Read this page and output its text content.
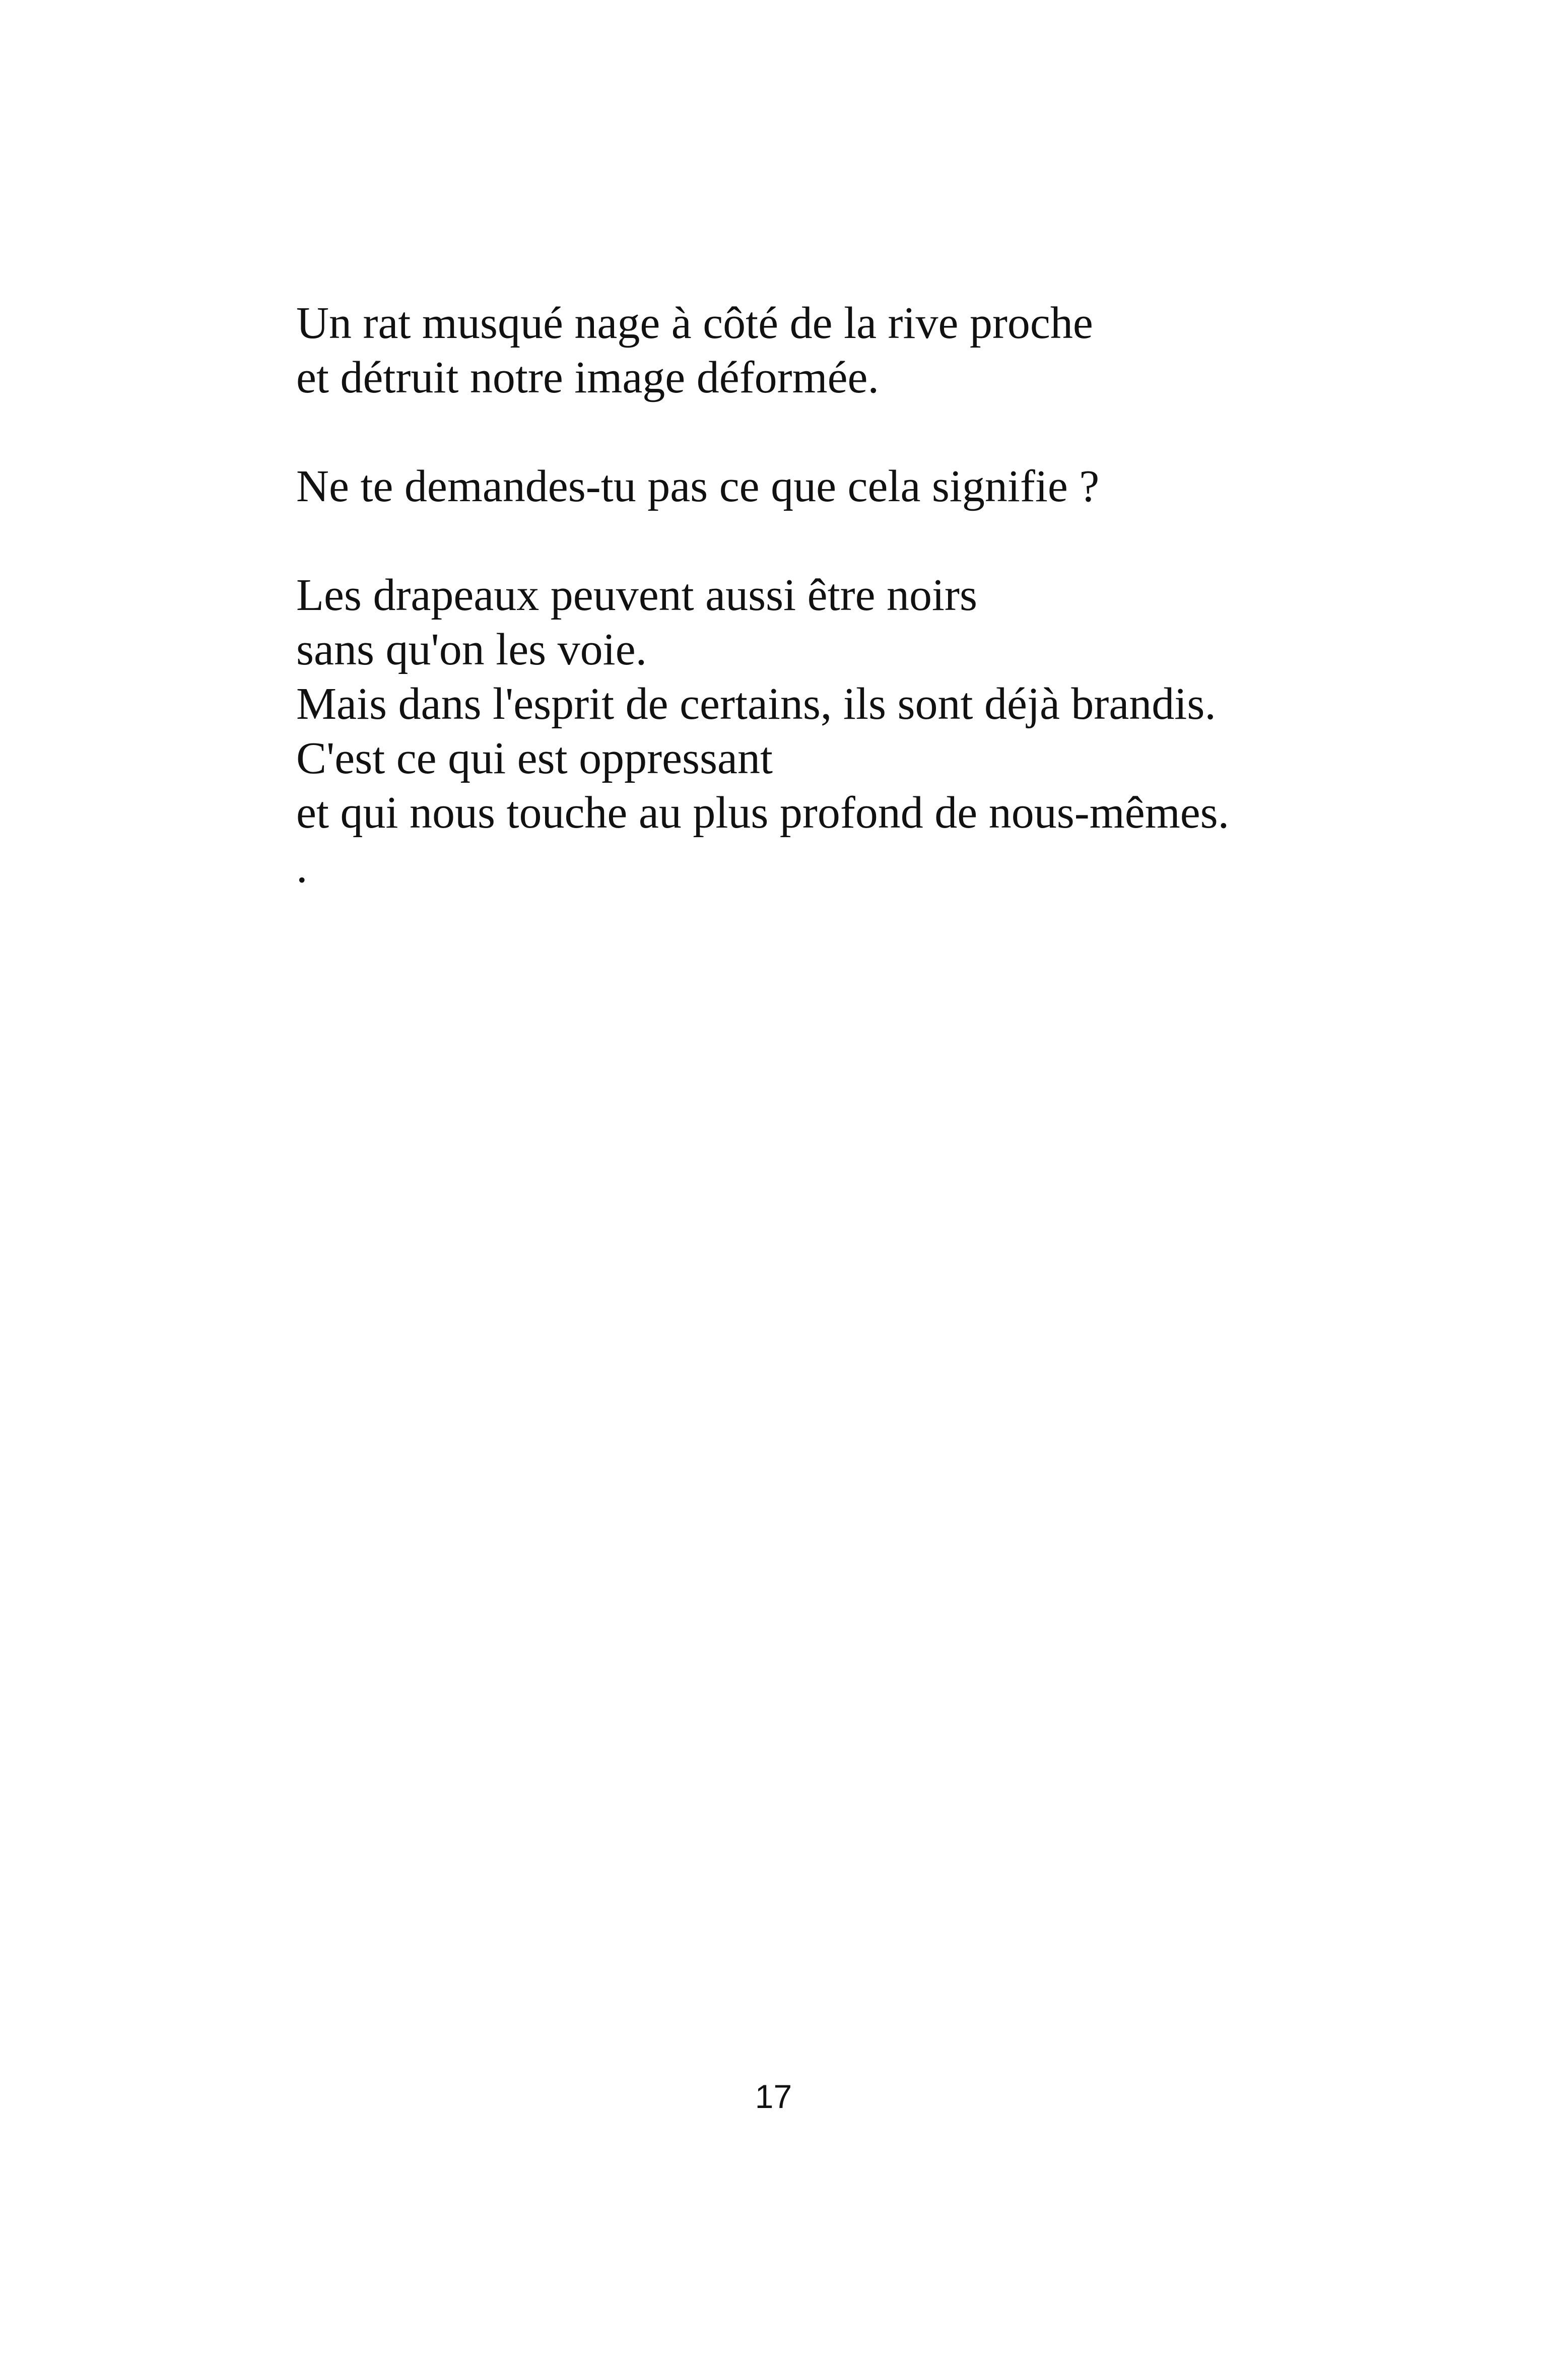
Un rat musqué nage à côté de la rive proche
et détruit notre image déformée.
Ne te demandes-tu pas ce que cela signifie ?
Les drapeaux peuvent aussi être noirs
sans qu'on les voie.
Mais dans l'esprit de certains, ils sont déjà brandis.
C'est ce qui est oppressant
et qui nous touche au plus profond de nous-mêmes.
.
17
